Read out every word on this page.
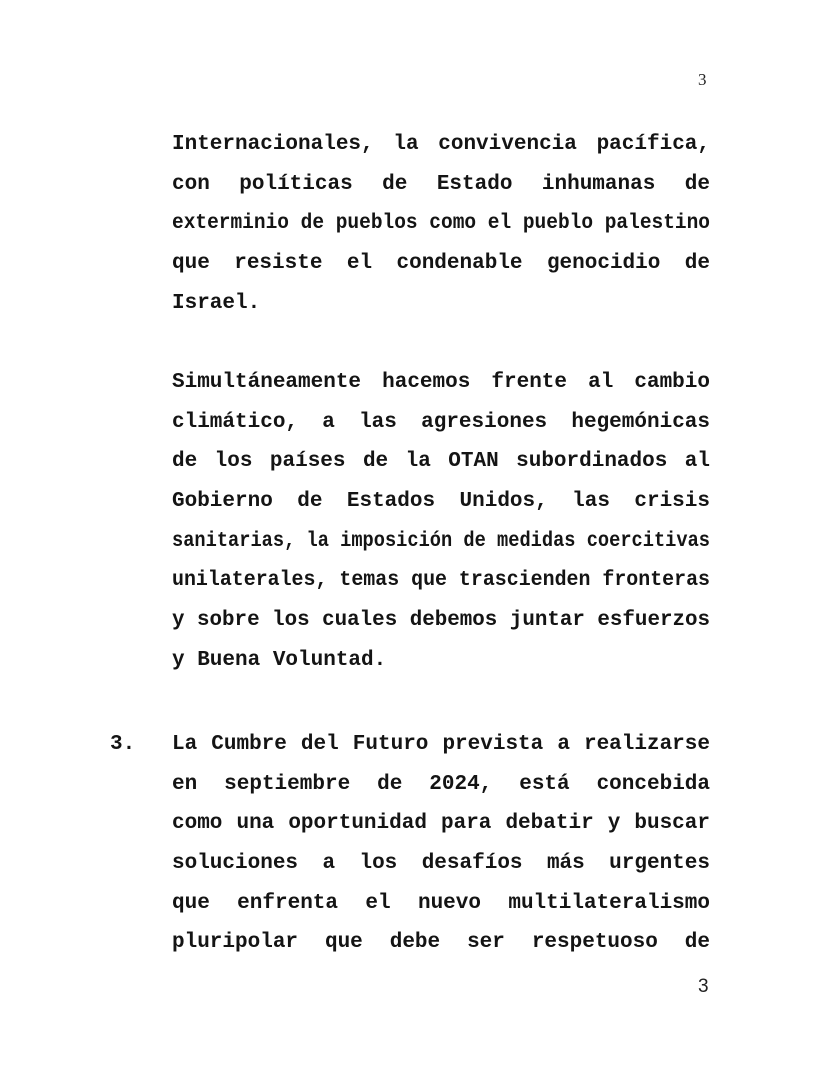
3
Internacionales, la convivencia pacífica,
con políticas de Estado inhumanas de
exterminio de pueblos como el pueblo palestino
que resiste el condenable genocidio de
Israel.
Simultáneamente hacemos frente al cambio
climático, a las agresiones hegemónicas
de los países de la OTAN subordinados al
Gobierno de Estados Unidos, las crisis
sanitarias, la imposición de medidas coercitivas
unilaterales, temas que trascienden fronteras
y sobre los cuales debemos juntar esfuerzos
y Buena Voluntad.
3. La Cumbre del Futuro prevista a realizarse
en septiembre de 2024, está concebida
como una oportunidad para debatir y buscar
soluciones a los desafíos más urgentes
que enfrenta el nuevo multilateralismo
pluripolar que debe ser respetuoso de
3
